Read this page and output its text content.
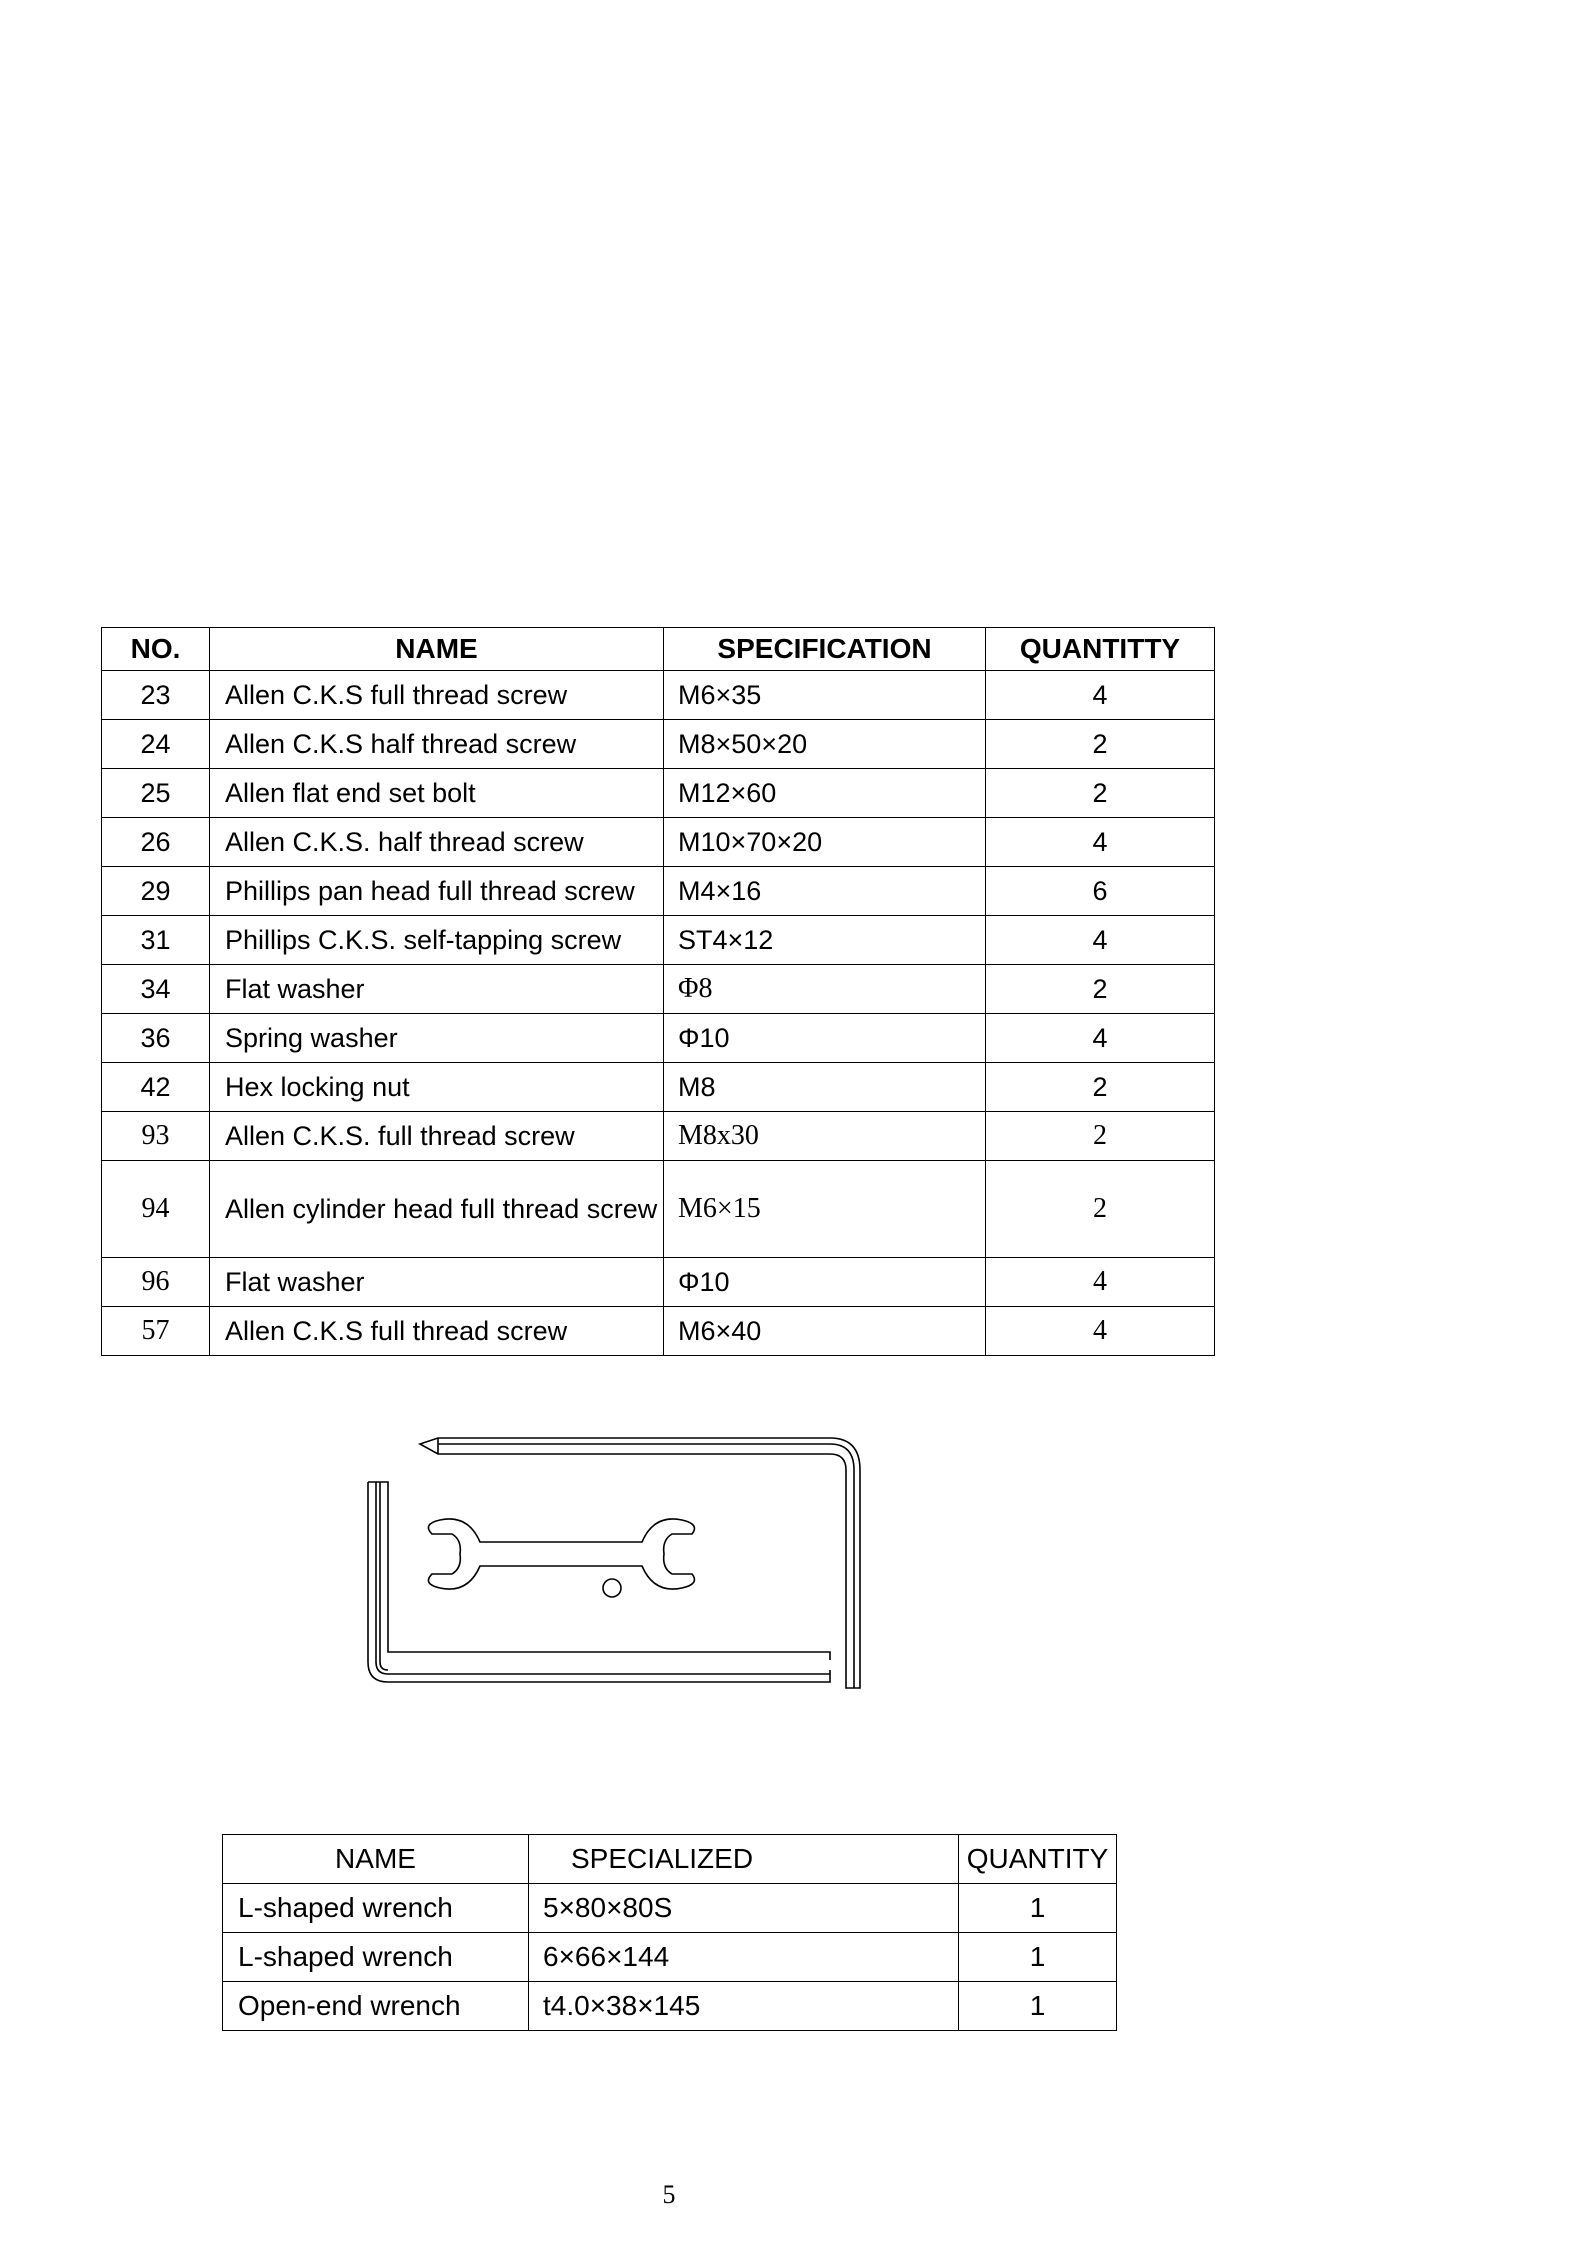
NO.	NAME	SPECIFICATION	QUANTITTY
23	Allen C.K.S full thread screw	M6×35	4
24	Allen C.K.S half thread screw	M8×50×20	2
25	Allen flat end set bolt	M12×60	2
26	Allen C.K.S. half thread screw	M10×70×20	4
29	Phillips pan head full thread screw	M4×16	6
31	Phillips C.K.S. self-tapping screw	ST4×12	4
34	Flat washer	Φ8	2
36	Spring washer	Φ10	4
42	Hex locking nut	M8	2
93	Allen C.K.S. full thread screw	M8x30	2
94	Allen cylinder head full thread screw	M6×15	2
96	Flat washer	Φ10	4
57	Allen C.K.S full thread screw	M6×40	4
NAME	SPECIALIZED	QUANTITY
L-shaped wrench	5×80×80S	1
L-shaped wrench	6×66×144	1
Open-end wrench	t4.0×38×145	1
5
